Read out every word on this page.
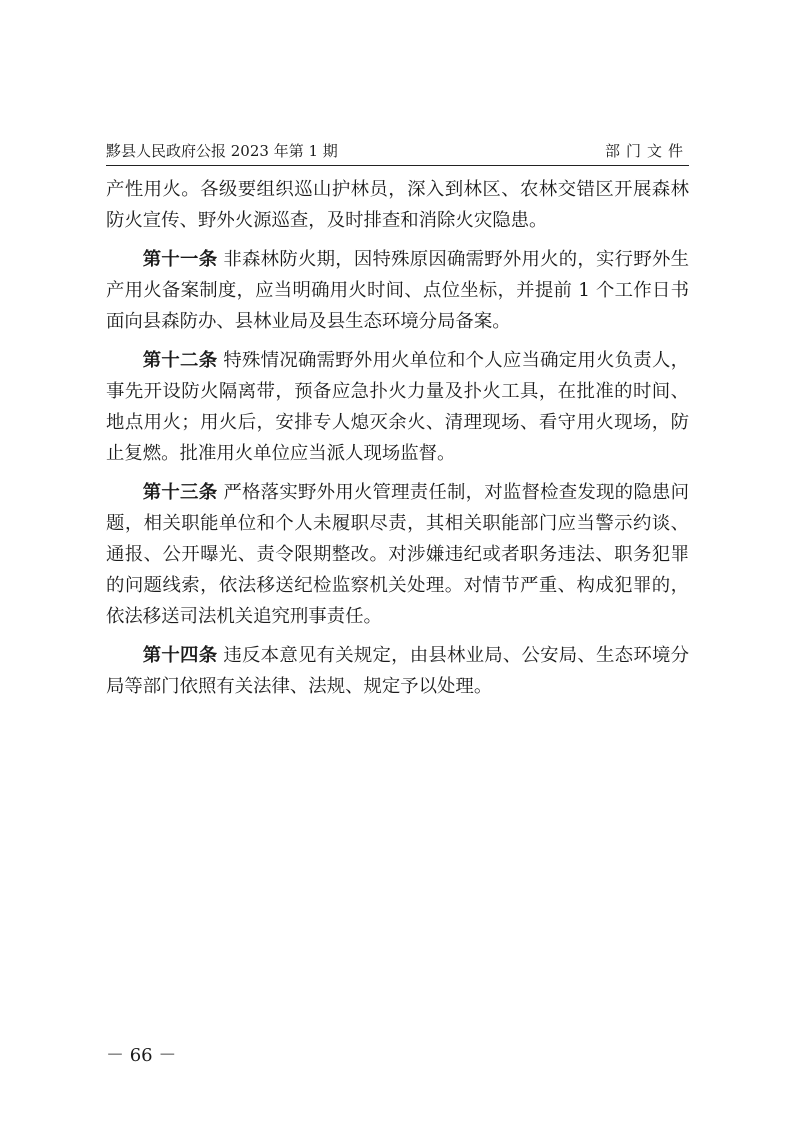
黟县人民政府公报 2023 年第 1 期	部门文件

产性用火。各级要组织巡山护林员，深入到林区、农林交错区开展森林防火宣传、野外火源巡查，及时排查和消除火灾隐患。

第十一条 非森林防火期，因特殊原因确需野外用火的，实行野外生产用火备案制度，应当明确用火时间、点位坐标，并提前 1 个工作日书面向县森防办、县林业局及县生态环境分局备案。

第十二条 特殊情况确需野外用火单位和个人应当确定用火负责人，事先开设防火隔离带，预备应急扑火力量及扑火工具，在批准的时间、地点用火；用火后，安排专人熄灭余火、清理现场、看守用火现场，防止复燃。批准用火单位应当派人现场监督。

第十三条 严格落实野外用火管理责任制，对监督检查发现的隐患问题，相关职能单位和个人未履职尽责，其相关职能部门应当警示约谈、通报、公开曝光、责令限期整改。对涉嫌违纪或者职务违法、职务犯罪的问题线索，依法移送纪检监察机关处理。对情节严重、构成犯罪的，依法移送司法机关追究刑事责任。

第十四条 违反本意见有关规定，由县林业局、公安局、生态环境分局等部门依照有关法律、法规、规定予以处理。

－ 66 －
